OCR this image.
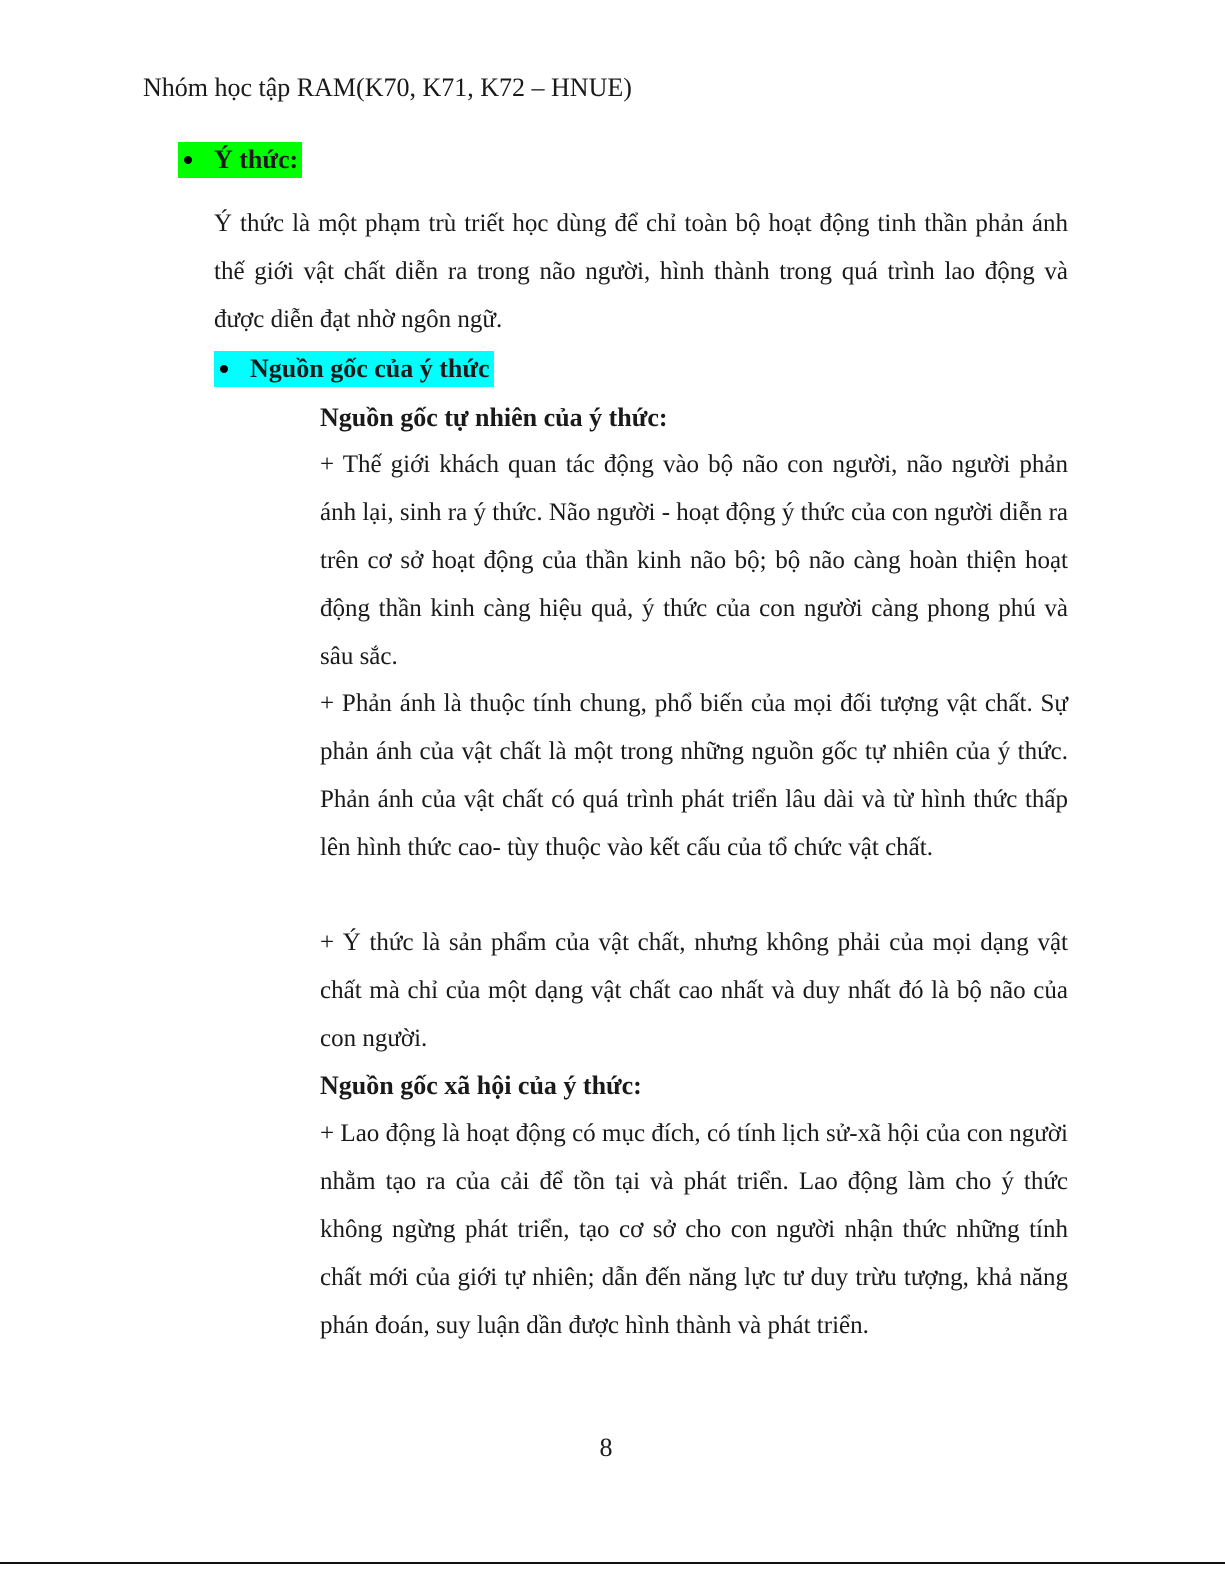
Nhóm học tập RAM(K70, K71, K72 – HNUE)
Ý thức:

Ý thức là một phạm trù triết học dùng để chỉ toàn bộ hoạt động tinh thần phản ánh thế giới vật chất diễn ra trong não người, hình thành trong quá trình lao động và được diễn đạt nhờ ngôn ngữ.

Nguồn gốc của ý thức
Nguồn gốc tự nhiên của ý thức:

+ Thế giới khách quan tác động vào bộ não con người, não người phản ánh lại, sinh ra ý thức. Não người - hoạt động ý thức của con người diễn ra trên cơ sở hoạt động của thần kinh não bộ; bộ não càng hoàn thiện hoạt động thần kinh càng hiệu quả, ý thức của con người càng phong phú và sâu sắc.

+ Phản ánh là thuộc tính chung, phổ biến của mọi đối tượng vật chất. Sự phản ánh của vật chất là một trong những nguồn gốc tự nhiên của ý thức. Phản ánh của vật chất có quá trình phát triển lâu dài và từ hình thức thấp lên hình thức cao- tùy thuộc vào kết cấu của tổ chức vật chất.

+ Ý thức là sản phẩm của vật chất, nhưng không phải của mọi dạng vật chất mà chỉ của một dạng vật chất cao nhất và duy nhất đó là bộ não của con người.

Nguồn gốc xã hội của ý thức:

+ Lao động là hoạt động có mục đích, có tính lịch sử-xã hội của con người nhằm tạo ra của cải để tồn tại và phát triển. Lao động làm cho ý thức không ngừng phát triển, tạo cơ sở cho con người nhận thức những tính chất mới của giới tự nhiên; dẫn đến năng lực tư duy trừu tượng, khả năng phán đoán, suy luận dần được hình thành và phát triển.

8
